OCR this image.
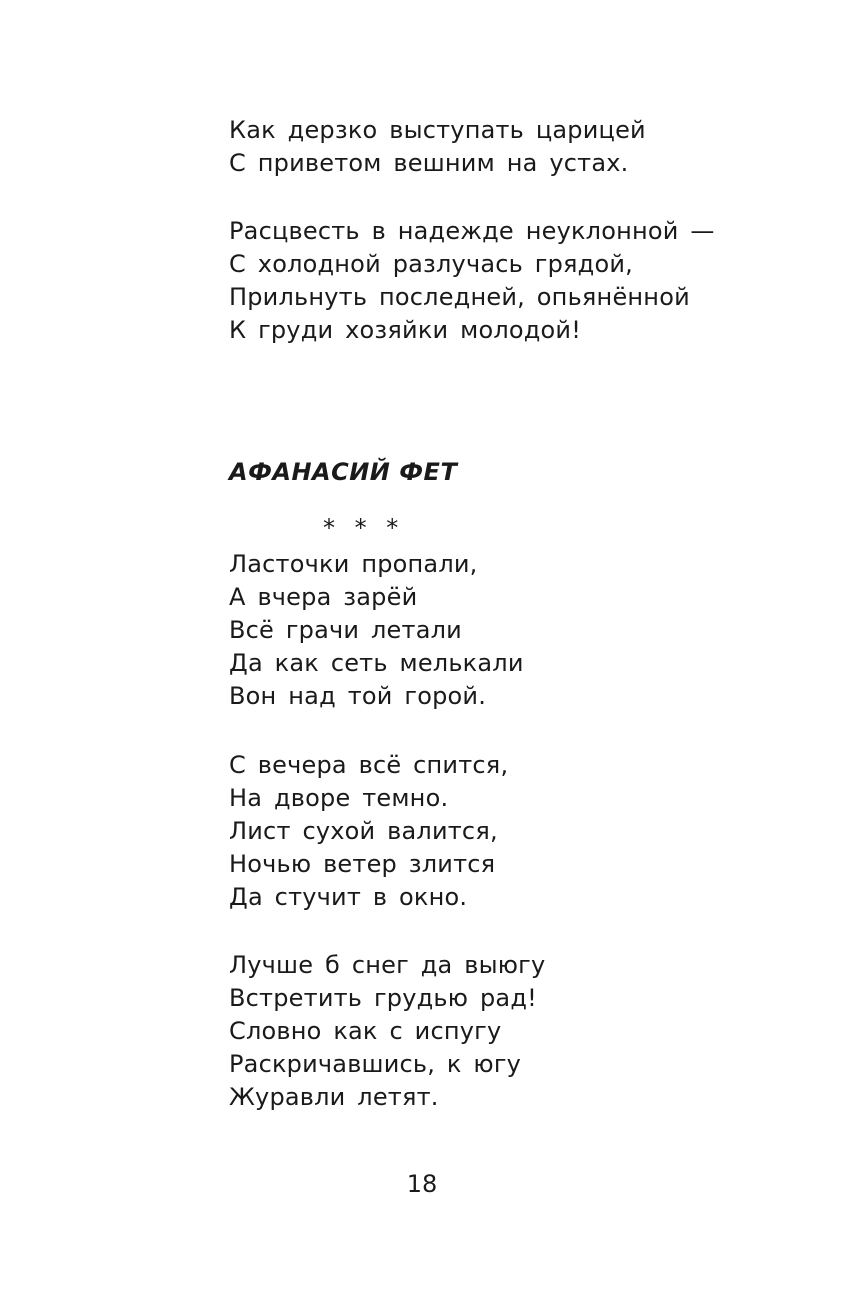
Как дерзко выступать царицей

С приветом вешним на устах.

Расцвесть в надежде неуклонной —

С холодной разлучась грядой,

Прильнуть последней, опьянённой

К груди хозяйки молодой!

АФАНАСИЙ ФЕТ

* * *

Ласточки пропали,

А вчера зарёй

Всё грачи летали

Да как сеть мелькали

Вон над той горой.

С вечера всё спится,

На дворе темно.

Лист сухой валится,

Ночью ветер злится

Да стучит в окно.

Лучше б снег да выюгу

Встретить грудью рад!

Словно как с испугу

Раскричавшись, к югу

Журавли летят.

18
